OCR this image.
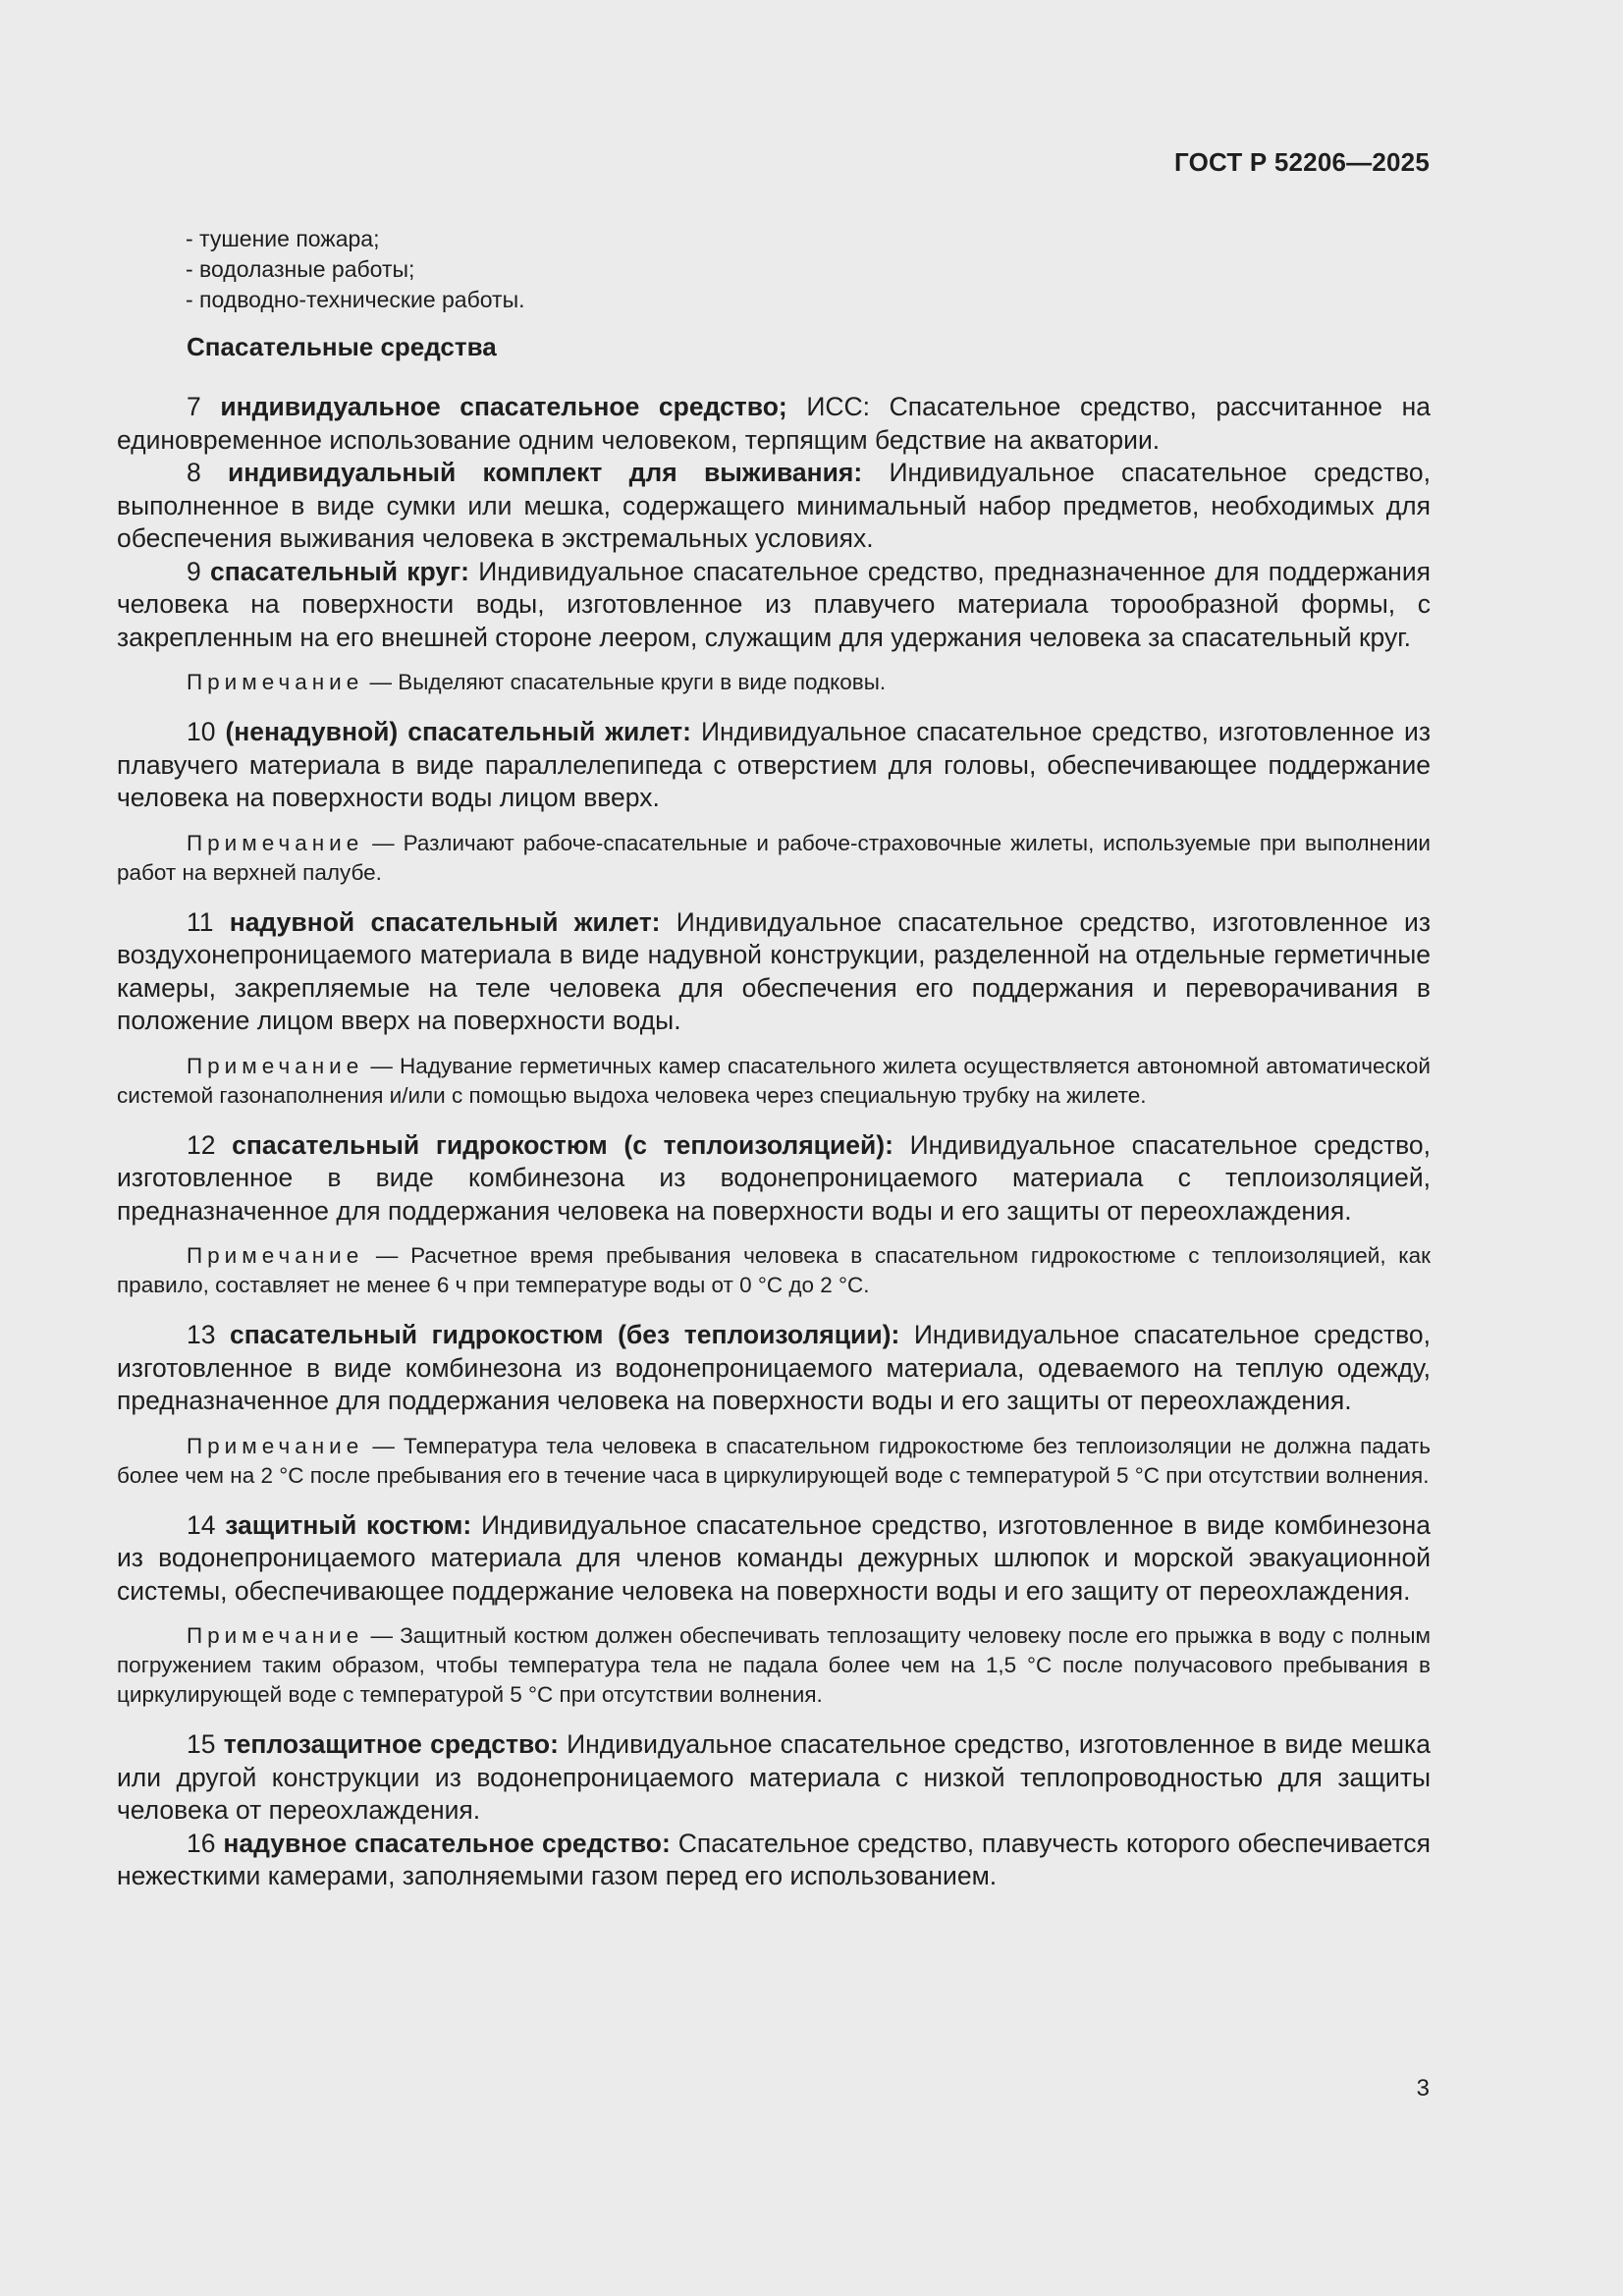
ГОСТ Р 52206—2025
- тушение пожара;
- водолазные работы;
- подводно-технические работы.
Спасательные средства

7 индивидуальное спасательное средство; ИСС: Спасательное средство, рассчитанное на единовременное использование одним человеком, терпящим бедствие на акватории.

8 индивидуальный комплект для выживания: Индивидуальное спасательное средство, выполненное в виде сумки или мешка, содержащего минимальный набор предметов, необходимых для обеспечения выживания человека в экстремальных условиях.

9 спасательный круг: Индивидуальное спасательное средство, предназначенное для поддержания человека на поверхности воды, изготовленное из плавучего материала торообразной формы, с закрепленным на его внешней стороне леером, служащим для удержания человека за спасательный круг.

Примечание — Выделяют спасательные круги в виде подковы.

10 (ненадувной) спасательный жилет: Индивидуальное спасательное средство, изготовленное из плавучего материала в виде параллелепипеда с отверстием для головы, обеспечивающее поддержание человека на поверхности воды лицом вверх.

Примечание — Различают рабоче-спасательные и рабоче-страховочные жилеты, используемые при выполнении работ на верхней палубе.

11 надувной спасательный жилет: Индивидуальное спасательное средство, изготовленное из воздухонепроницаемого материала в виде надувной конструкции, разделенной на отдельные герметичные камеры, закрепляемые на теле человека для обеспечения его поддержания и переворачивания в положение лицом вверх на поверхности воды.

Примечание — Надувание герметичных камер спасательного жилета осуществляется автономной автоматической системой газонаполнения и/или с помощью выдоха человека через специальную трубку на жилете.

12 спасательный гидрокостюм (с теплоизоляцией): Индивидуальное спасательное средство, изготовленное в виде комбинезона из водонепроницаемого материала с теплоизоляцией, предназначенное для поддержания человека на поверхности воды и его защиты от переохлаждения.

Примечание — Расчетное время пребывания человека в спасательном гидрокостюме с теплоизоляцией, как правило, составляет не менее 6 ч при температуре воды от 0 °С до 2 °С.

13 спасательный гидрокостюм (без теплоизоляции): Индивидуальное спасательное средство, изготовленное в виде комбинезона из водонепроницаемого материала, одеваемого на теплую одежду, предназначенное для поддержания человека на поверхности воды и его защиты от переохлаждения.

Примечание — Температура тела человека в спасательном гидрокостюме без теплоизоляции не должна падать более чем на 2 °С после пребывания его в течение часа в циркулирующей воде с температурой 5 °С при отсутствии волнения.

14 защитный костюм: Индивидуальное спасательное средство, изготовленное в виде комбинезона из водонепроницаемого материала для членов команды дежурных шлюпок и морской эвакуационной системы, обеспечивающее поддержание человека на поверхности воды и его защиту от переохлаждения.

Примечание — Защитный костюм должен обеспечивать теплозащиту человеку после его прыжка в воду с полным погружением таким образом, чтобы температура тела не падала более чем на 1,5 °С после получасового пребывания в циркулирующей воде с температурой 5 °С при отсутствии волнения.

15 теплозащитное средство: Индивидуальное спасательное средство, изготовленное в виде мешка или другой конструкции из водонепроницаемого материала с низкой теплопроводностью для защиты человека от переохлаждения.

16 надувное спасательное средство: Спасательное средство, плавучесть которого обеспечивается нежесткими камерами, заполняемыми газом перед его использованием.

3
